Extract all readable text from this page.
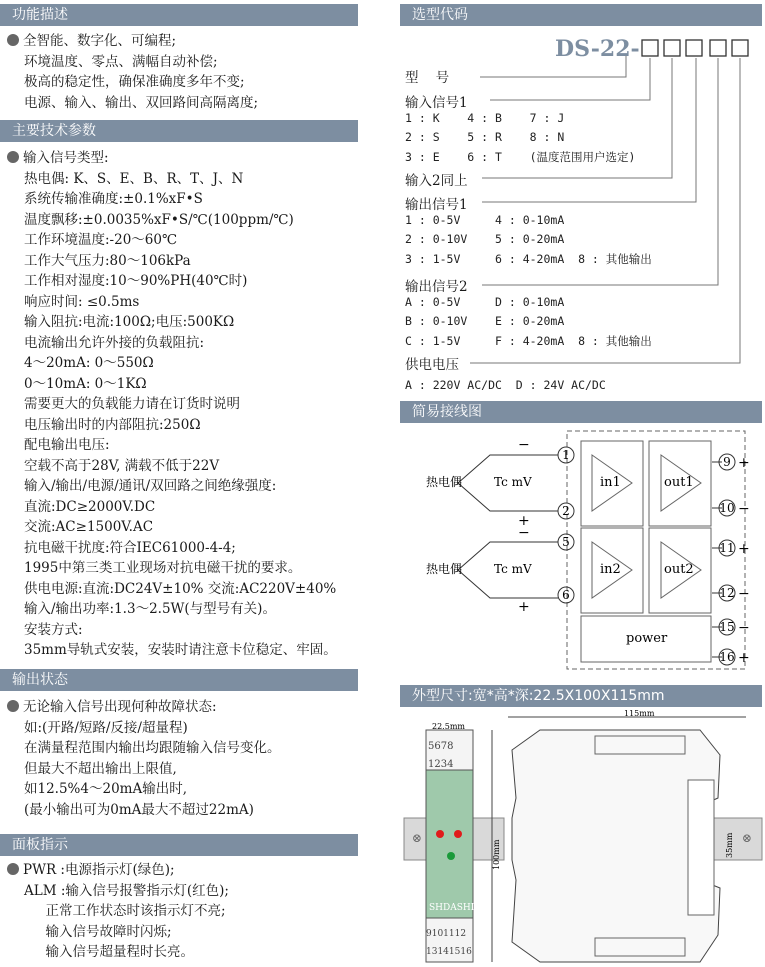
功能描述
全智能、数字化、可编程;
环境温度、零点、满幅自动补偿;
极高的稳定性，确保准确度多年不变;
电源、输入、输出、双回路间高隔离度;
主要技术参数
输入信号类型:
热电偶: K、S、E、B、R、T、J、N
系统传输准确度:±0.1%xF•S
温度飘移:±0.0035%xF•S/℃(100ppm/℃)
工作环境温度:-20～60℃
工作大气压力:80～106kPa
工作相对湿度:10～90%PH(40℃时)
响应时间: ≤0.5ms
输入阻抗:电流:100Ω;电压:500KΩ
电流输出允许外接的负载阻抗:
4～20mA: 0～550Ω
0～10mA: 0～1KΩ
需要更大的负载能力请在订货时说明
电压输出时的内部阻抗:250Ω
配电输出电压:
空载不高于28V, 满载不低于22V
输入/输出/电源/通讯/双回路之间绝缘强度:
直流:DC≥2000V.DC
交流:AC≥1500V.AC
抗电磁干扰度:符合IEC61000-4-4;
1995中第三类工业现场对抗电磁干扰的要求。
供电电源:直流:DC24V±10% 交流:AC220V±40%
输入/输出功率:1.3～2.5W(与型号有关)。
安装方式:
35mm导轨式安装，安装时请注意卡位稳定、牢固。
输出状态
无论输入信号出现何种故障状态:
如:(开路/短路/反接/超量程)
在满量程范围内输出均跟随输入信号变化。
但最大不超出输出上限值,
如12.5%4～20mA输出时,
(最小输出可为0mA最大不超过22mA)
面板指示
PWR :电源指示灯(绿色);
ALM :输入信号报警指示灯(红色);
正常工作状态时该指示灯不亮;
输入信号故障时闪烁;
输入信号超量程时长亮。
选型代码
DS-22-
型    号
输入信号1
1 : K    4 : B    7 : J
2 : S    5 : R    8 : N
3 : E    6 : T    (温度范围用户选定)
输入2同上
输出信号1
1 : 0-5V     4 : 0-10mA
2 : 0-10V    5 : 0-20mA
3 : 1-5V     6 : 4-20mA  8 : 其他输出
输出信号2
A : 0-5V     D : 0-10mA
B : 0-10V    E : 0-20mA
C : 1-5V     F : 4-20mA  8 : 其他输出
供电电压
A : 220V AC/DC  D : 24V AC/DC
简易接线图
in1	out1
in2	out2
power
热电偶	Tc mV
热电偶	Tc mV
−
+
−
+
1
2
5
6
9
10
11
12
15
16
+
−
+
−
−
+
外型尺寸:宽*高*深:22.5X100X115mm
SHDASHI
22.5mm
5678
1234
9101112
13141516
100mm
⊗
115mm
35mm ⊗
